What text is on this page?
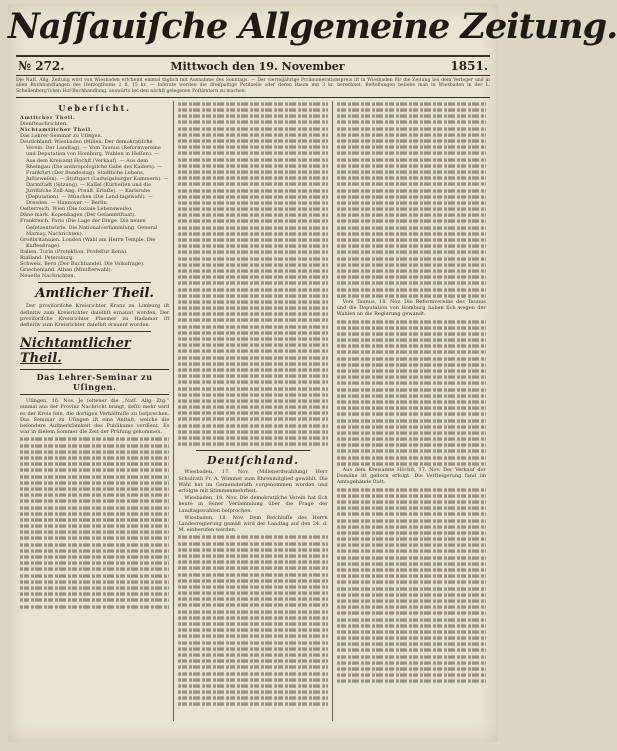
Naſſauiſche Allgemeine Zeitung.
№ 272.	Mittwoch den 19. November	1851.
Die Naſſ. Allg. Zeitung wird von Wiesbaden erſcheint einmal täglich mit Ausnahme des Sonntags. — Der vierteljährige Prränumerationspreis iſt in Wiesbaden für die Zeitung bei dem Verleger und in allen Buchhandlungen des Herzogthums 2 fl. 15 kr. — Inſerate werden die dreiſpaltige Petitzeile oder deren Raum mit 3 kr. berechnet. Beſtellungen beliebe man in Wiesbaden in der L. Schellenberg'ſchen Hof-Buchhandlung, auswärts bei den nächſt gelegenen Poſtämtern zu machen.
Ueberſicht.
Amtlicher Theil.
Dienſtnachrichten.
Nichtamtlicher Theil.
Das Lehrer-Seminar zu Uſingen.
Deutſchland. Wiesbaden (Millen. Der demokratiſche Verein. Der Landtag). — Vom Taunus (Reformvereine und Deputation von Homburg, Wahlen in Heſſen). — Aus dem Kreisamt Hochſt (Verkauf). — Aus dem Rheingau (Die anthropologiſche Gabe des Kaiſers). — Frankfurt (Der Bundestag). Stadtliche Lebens, Juſtizweſen). — Stuttgart (Ludwigsburger Kammern). — Darmſtadt (Sitzung). — Kaſſel (Kurheſſen und die Juriſtiſche Zoll-Ang. Preuß. Erlaſſe). — Karlsruhe (Deputation). — München (Die Land-tagswahl). — Dresden. — Hannover. — Berlin.
Oeſterreich. Wien (Die ſoziale Lebensweiſe).
Däne mark. Kopenhagen (Der Geſammtſtaat).
Frankreich. Paris (Die Lage der Dinge. Die neuen Geſetzentwürfe. Die Nationalverſammlung. General Marnay. Nachrichten).
Großbritannien. London (Wahl am Herrn Temple. Die Kaffeeßrage).
Italien. Turin (Protektion, Profeſſur Bona).
Rußland. Petersburg.
Schweiz. Bern (Der Buchhandel. Die Volksfrage).
Griechenland. Athen (Miniſterwahl).
Neueſte Nachrichten.
Amtlicher Theil.

Der proviſoriſche Kreisrichter Kranz zu Limburg iſt definitiv zum Kreisrichter daſelbſt ernannt worden. Der proviſoriſche Kreisrichter Pluemer zu Hadamar iſt definitiv zum Kreisrichter daſelbſt ernannt worden.

Nichtamtlicher Theil.
Das Lehrer-Seminar zu Uſingen.

Uſingen, 16. Nov. Je ſeltener die „Naſſ. Allg. Ztg.“ einmal aus der Provinz Nachricht bringt, deſto mehr wird es der Kreis ſein, die dortigen Verhältniſſe zu beſprechen. Das Seminar zu Uſingen iſt eine Anſtalt, welche die beſondere Aufmerkſamkeit des Publikums verdient. Es war in dieſem Sommer die Zeit der Prüfung gekommen.

Deutſchland.

Wiesbaden, 17. Nov. (Millenerdwahlung) Herr Schulrath Fr. A. Wimmer zum Ehrenmitglied gewählt. Die Wahl hat im Gemeinderath vorgenommen worden und erfolgte mit Stimmenmehrheit.

Wiesbaden, 18. Nov. Die demokratiſche Verein hat ſich heute in ſeiner Verſammlung über die Frage der Landtagswahlen beſprochen.

Wiesbaden, 18. Nov. Dem Beſchluſſe des Herrn Landesregierung gemäß wird der Landtag auf den 24. d. M. einberufen werden.

Vom Taunus, 18. Nov. Die Reformvereine des Taunus und die Deputation von Homburg haben ſich wegen der Wahlen an die Regierung gewandt.

Aus dem Kreisamte Höchſt, 17. Nov. Der Verkauf der Domäne iſt geſtern erfolgt. Die Verſteigerung fand im Amtsgebäude ſtatt.
